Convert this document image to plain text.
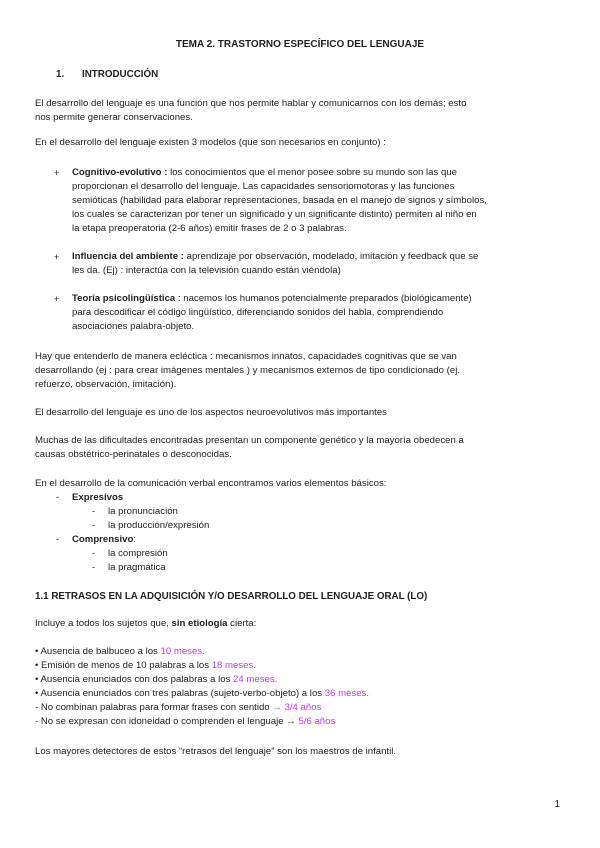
TEMA 2. TRASTORNO ESPECÍFICO DEL LENGUAJE
1. INTRODUCCIÓN
El desarrollo del lenguaje es una función que nos permite hablar y comunicarnos con los demás; esto
nos permite generar conservaciones.
En el desarrollo del lenguaje existen 3 modelos (que son necesarios en conjunto) :
+ Cognitivo-evolutivo : los conocimientos que el menor posee sobre su mundo son las que
proporcionan el desarrollo del lenguaje. Las capacidades sensoriomotoras y las funciones
semióticas (habilidad para elaborar representaciones, basada en el manejo de signos y símbolos,
los cuales se caracterizan por tener un significado y un significante distinto) permiten al niño en
la etapa preoperatoria (2-6 años) emitir frases de 2 o 3 palabras.
+ Influencia del ambiente : aprendizaje por observación, modelado, imitación y feedback que se
les da. (Ej) : interactúa con la televisión cuando están viéndola)
+ Teoría psicolingüística : nacemos los humanos potencialmente preparados (biológicamente)
para descodificar el código lingüístico, diferenciando sonidos del habla, comprendiendo
asociaciones palabra-objeto.
Hay que entenderlo de manera ecléctica : mecanismos innatos, capacidades cognitivas que se van
desarrollando (ej : para crear imágenes mentales ) y mecanismos externos de tipo condicionado (ej.
refuerzo, observación, imitación).
El desarrollo del lenguaje es uno de los aspectos neuroevolutivos más importantes
Muchas de las dificultades encontradas presentan un componente genético y la mayoría obedecen a
causas obstétrico-perinatales o desconocidas.
En el desarrollo de la comunicación verbal encontramos varios elementos básicos:
- Expresivos
- la pronunciación
- la producción/expresión
- Comprensivo:
- la compresión
- la pragmática
1.1 RETRASOS EN LA ADQUISICIÓN Y/O DESARROLLO DEL LENGUAJE ORAL (LO)
Incluye a todos los sujetos que, sin etiología cierta:
• Ausencia de balbuceo a los 10 meses.
• Emisión de menos de 10 palabras a los 18 meses.
• Ausencia enunciados con dos palabras a los 24 meses.
• Ausencia enunciados con tres palabras (sujeto-verbo-objeto) a los 36 meses.
- No combinan palabras para formar frases con sentido → 3/4 años
- No se expresan con idoneidad o comprenden el lenguaje → 5/6 años
Los mayores detectores de estos “retrasos del lenguaje” son los maestros de infantil.
1
